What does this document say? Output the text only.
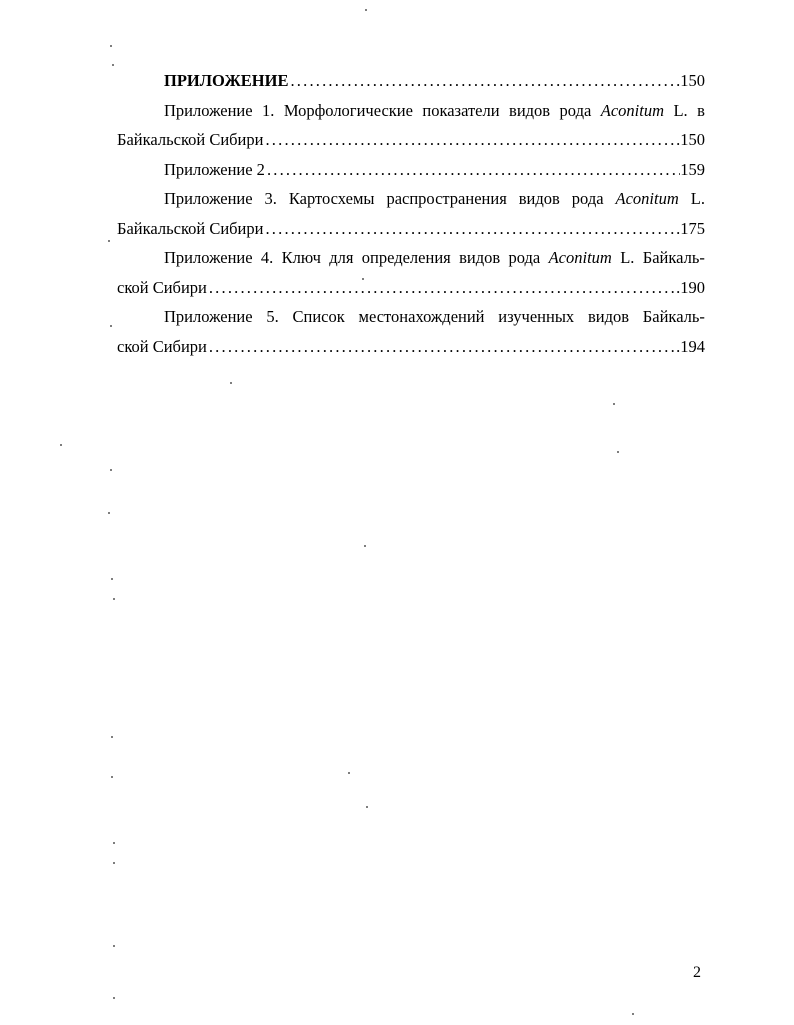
ПРИЛОЖЕНИЕ .....	.150
Приложение 1. Морфологические показатели видов рода Aconitum L. в
Байкальской Сибири .....	.150
Приложение 2 .....	159
Приложение 3. Картосхемы распространения видов рода Aconitum L.
Байкальской Сибири .....	.175
Приложение 4. Ключ для определения видов рода Aconitum L. Байкаль-
ской Сибири .....	.190
Приложение 5. Список местонахождений изученных видов Байкаль-
ской Сибири .....	.194
2
